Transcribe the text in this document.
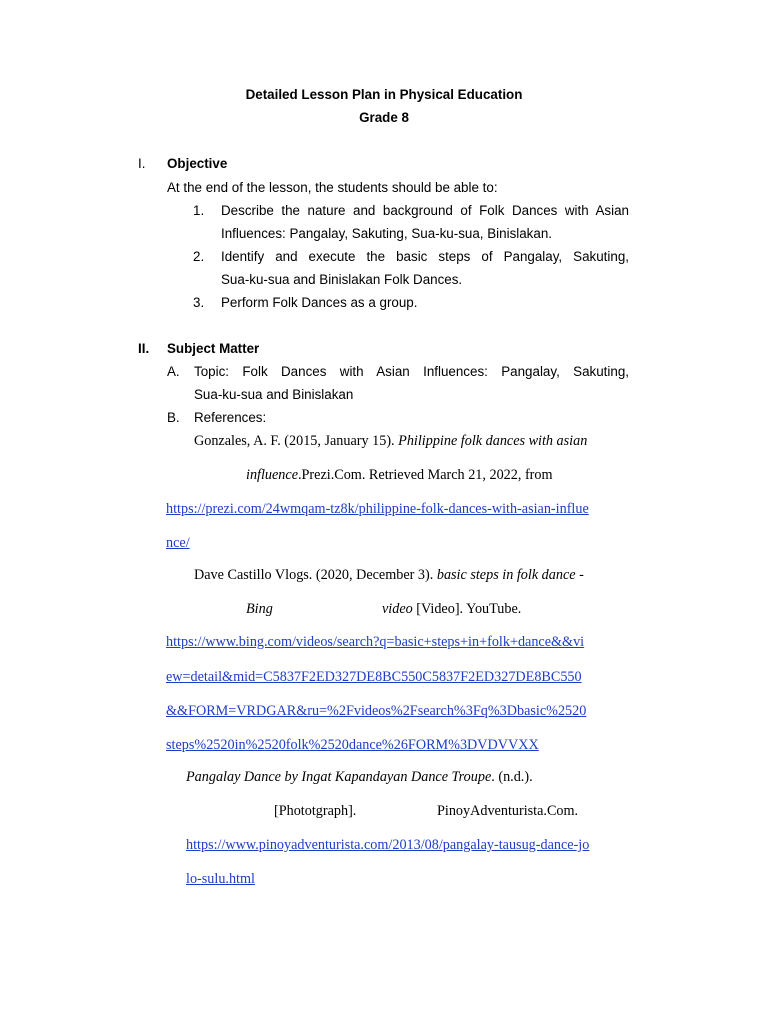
Detailed Lesson Plan in Physical Education
Grade 8
I. Objective
At the end of the lesson, the students should be able to:
1. Describe the nature and background of Folk Dances with Asian
Influences: Pangalay, Sakuting, Sua-ku-sua, Binislakan.
2. Identify and execute the basic steps of Pangalay, Sakuting,
Sua-ku-sua and Binislakan Folk Dances.
3. Perform Folk Dances as a group.
II. Subject Matter
A. Topic: Folk Dances with Asian Influences: Pangalay, Sakuting,
Sua-ku-sua and Binislakan
B. References:
Gonzales, A. F. (2015, January 15). Philippine folk dances with asian
influence.Prezi.Com. Retrieved March 21, 2022, from
https://prezi.com/24wmqam-tz8k/philippine-folk-dances-with-asian-influe
nce/
Dave Castillo Vlogs. (2020, December 3). basic steps in folk dance -
Bing	video [Video]. YouTube.
https://www.bing.com/videos/search?q=basic+steps+in+folk+dance&&vi
ew=detail&mid=C5837F2ED327DE8BC550C5837F2ED327DE8BC550
&&FORM=VRDGAR&ru=%2Fvideos%2Fsearch%3Fq%3Dbasic%2520
steps%2520in%2520folk%2520dance%26FORM%3DVDVVXX
Pangalay Dance by Ingat Kapandayan Dance Troupe. (n.d.).
[Phototgraph].	PinoyAdventurista.Com.
https://www.pinoyadventurista.com/2013/08/pangalay-tausug-dance-jo
lo-sulu.html
